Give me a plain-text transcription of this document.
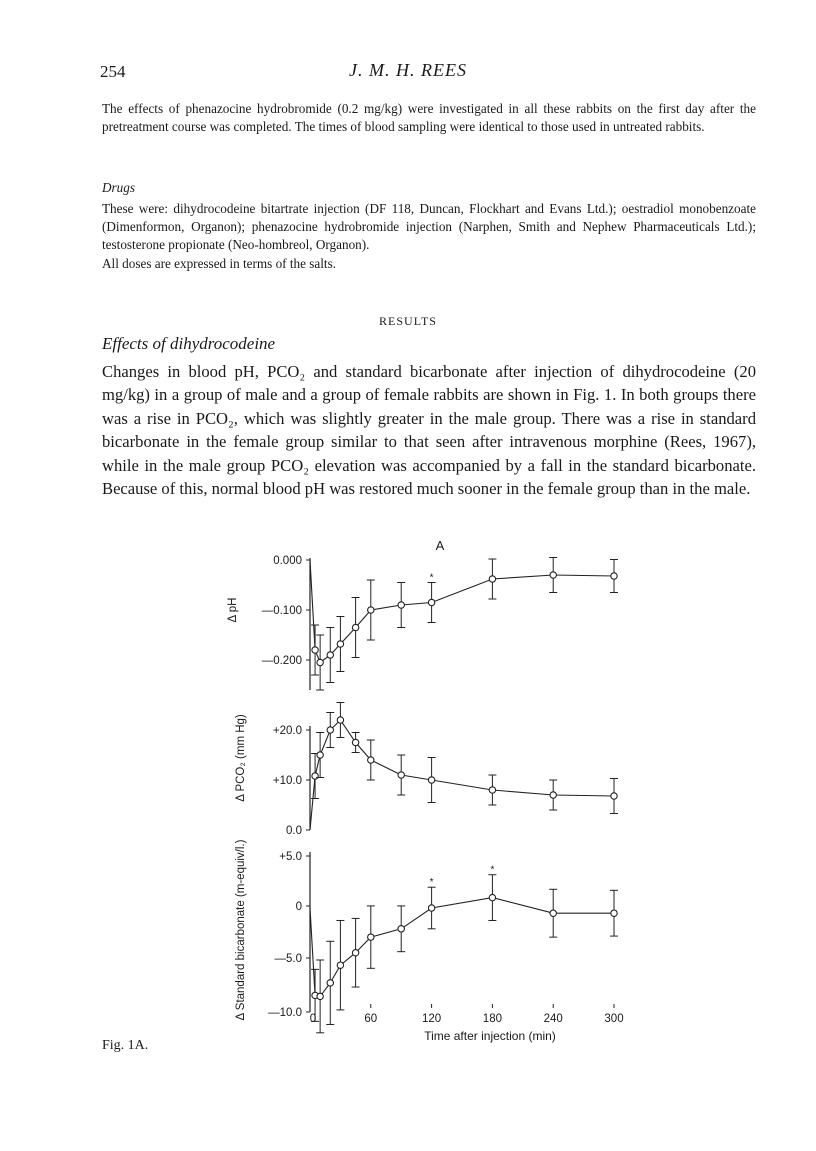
254	J. M. H. REES
The effects of phenazocine hydrobromide (0.2 mg/kg) were investigated in all these rabbits on the first day after the pretreatment course was completed. The times of blood sampling were identical to those used in untreated rabbits.
Drugs
These were: dihydrocodeine bitartrate injection (DF 118, Duncan, Flockhart and Evans Ltd.); oestradiol monobenzoate (Dimenformon, Organon); phenazocine hydrobromide injection (Narphen, Smith and Nephew Pharmaceuticals Ltd.); testosterone propionate (Neo-hombreol, Organon).
All doses are expressed in terms of the salts.
RESULTS
Effects of dihydrocodeine
Changes in blood pH, PCO₂ and standard bicarbonate after injection of dihydrocodeine (20 mg/kg) in a group of male and a group of female rabbits are shown in Fig. 1. In both groups there was a rise in PCO₂, which was slightly greater in the male group. There was a rise in standard bicarbonate in the female group similar to that seen after intravenous morphine (Rees, 1967), while in the male group PCO₂ elevation was accompanied by a fall in the standard bicarbonate. Because of this, normal blood pH was restored much sooner in the female group than in the male.
A
0.000
—0.100
—0.200
Δ pH
*
+20.0
+10.0
0.0
Δ PCO₂ (mm Hg)
+5.0
0
—5.0
—10.0
Δ Standard bicarbonate (m-equiv/l.)	*
*
0	60	120	180	240	300
Time after injection (min)
Fig. 1A.
